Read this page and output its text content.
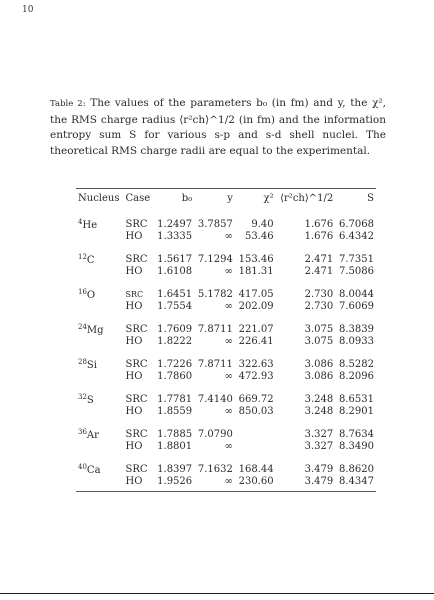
10
Table 2: The values of the parameters b₀ (in fm) and y, the χ², the RMS charge radius ⟨r²ch⟩^1/2 (in fm) and the information entropy sum S for various s-p and s-d shell nuclei. The theoretical RMS charge radii are equal to the experimental.
Nucleus	Case	b₀	y	χ²	⟨r²ch⟩^1/2	S
$^4$He	SRC	1.2497	3.7857	9.40	1.676	6.7068
	HO	1.3335	∞	53.46	1.676	6.4342
$^{12}$C	SRC	1.5617	7.1294	153.46	2.471	7.7351
	HO	1.6108	∞	181.31	2.471	7.5086
$^{16}$O	SRC	1.6451	5.1782	417.05	2.730	8.0044
	HO	1.7554	∞	202.09	2.730	7.6069
$^{24}$Mg	SRC	1.7609	7.8711	221.07	3.075	8.3839
	HO	1.8222	∞	226.41	3.075	8.0933
$^{28}$Si	SRC	1.7226	7.8711	322.63	3.086	8.5282
	HO	1.7860	∞	472.93	3.086	8.2096
$^{32}$S	SRC	1.7781	7.4140	669.72	3.248	8.6531
	HO	1.8559	∞	850.03	3.248	8.2901
$^{36}$Ar	SRC	1.7885	7.0790		3.327	8.7634
	HO	1.8801	∞		3.327	8.3490
$^{40}$Ca	SRC	1.8397	7.1632	168.44	3.479	8.8620
	HO	1.9526	∞	230.60	3.479	8.4347
